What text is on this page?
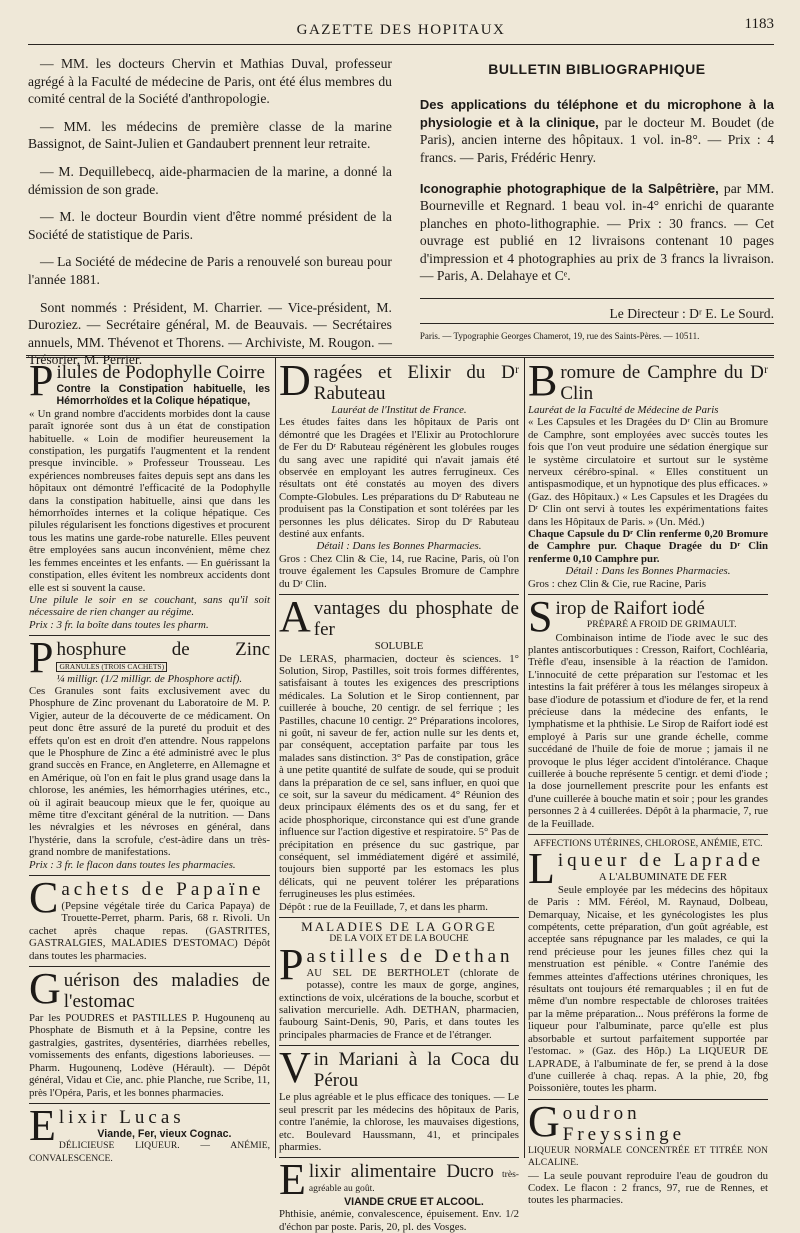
GAZETTE DES HOPITAUX	1183

— MM. les docteurs Chervin et Mathias Duval, professeur agrégé à la Faculté de médecine de Paris, ont été élus membres du comité central de la Société d'anthropologie.

— MM. les médecins de première classe de la marine Bassignot, de Saint-Julien et Gandaubert prennent leur retraite.

— M. Dequillebecq, aide-pharmacien de la marine, a donné la démission de son grade.

— M. le docteur Bourdin vient d'être nommé président de la Société de statistique de Paris.

— La Société de médecine de Paris a renouvelé son bureau pour l'année 1881.

Sont nommés : Président, M. Charrier. — Vice-président, M. Duroziez. — Secrétaire général, M. de Beauvais. — Secrétaires annuels, MM. Thévenot et Thorens. — Archiviste, M. Rougon. — Trésorier, M. Perrier.

BULLETIN BIBLIOGRAPHIQUE

Des applications du téléphone et du microphone à la physiologie et à la clinique, par le docteur M. Boudet (de Paris), ancien interne des hôpitaux. 1 vol. in-8°. — Prix : 4 francs. — Paris, Frédéric Henry.

Iconographie photographique de la Salpêtrière, par MM. Bourneville et Regnard. 1 beau vol. in-4° enrichi de quarante planches en photo-lithographie. — Prix : 30 francs. — Cet ouvrage est publié en 12 livraisons contenant 10 pages d'impression et 4 photographies au prix de 3 francs la livraison. — Paris, A. Delahaye et Cᵉ.

Le Directeur : Dʳ E. Le Sourd.
Paris. — Typographie Georges Chamerot, 19, rue des Saints-Pères. — 10511.
P ilules de Podophylle Coirre

Contre la Constipation habituelle, les Hémorrhoïdes et la Colique hépatique,

« Un grand nombre d'accidents morbides dont la cause paraît ignorée sont dus à un état de constipation habituelle. « Loin de modifier heureusement la constipation, les purgatifs l'augmentent et la rendent presque invincible. » Professeur Trousseau. Les expériences nombreuses faites depuis sept ans dans les hôpitaux ont démontré l'efficacité de la Podophylle dans la constipation habituelle, ainsi que dans les hémorrhoïdes internes et la colique hépatique. Ces pilules régularisent les fonctions digestives et procurent tous les matins une garde-robe naturelle. Elles peuvent être employées sans aucun inconvénient, même chez les femmes enceintes et les enfants. — En guérissant la constipation, elles évitent les nombreux accidents dont elle est si souvent la cause.

Une pilule le soir en se couchant, sans qu'il soit nécessaire de rien changer au régime.

Prix : 3 fr. la boîte dans toutes les pharm.

P hosphure de Zinc GRANULES (TROIS CACHETS)

¼ milligr. (1/2 milligr. de Phosphore actif).

Ces Granules sont faits exclusivement avec du Phosphure de Zinc provenant du Laboratoire de M. P. Vigier, auteur de la découverte de ce médicament. On peut donc être assuré de la pureté du produit et des effets qu'on est en droit d'en attendre. Nous rappelons que le Phosphure de Zinc a été administré avec le plus grand succès en France, en Angleterre, en Allemagne et en Amérique, où l'on en fait le plus grand usage dans la chlorose, les anémies, les hémorrhagies utérines, etc., où il agirait beaucoup mieux que le fer, quoique au même titre d'excitant général de la nutrition. — Dans les névralgies et les névroses en général, dans l'hystérie, dans la scrofule, c'est-àdire dans un très-grand nombre de manifestations.

Prix : 3 fr. le flacon dans toutes les pharmacies.

C achets de Papaïne

(Pepsine végétale tirée du Carica Papaya) de Trouette-Perret, pharm. Paris, 68 r. Rivoli. Un cachet après chaque repas. (GASTRITES, GASTRALGIES, MALADIES D'ESTOMAC) Dépôt dans toutes les pharmacies.

G uérison des maladies de l'estomac

Par les POUDRES et PASTILLES P. Hugounenq au Phosphate de Bismuth et à la Pepsine, contre les gastralgies, gastrites, dysentéries, diarrhées rebelles, vomissements des enfants, digestions laborieuses. — Pharm. Hugounenq, Lodève (Hérault). — Dépôt général, Vidau et Cie, anc. phie Planche, rue Scribe, 11, près l'Opéra, Paris, et les bonnes pharmacies.

E lixir Lucas

Viande, Fer, vieux Cognac.

DÉLICIEUSE LIQUEUR. — ANÉMIE, CONVALESCENCE.

D ragées et Elixir du Dʳ Rabuteau

Lauréat de l'Institut de France.

Les études faites dans les hôpitaux de Paris ont démontré que les Dragées et l'Elixir au Protochlorure de Fer du Dʳ Rabuteau régénèrent les globules rouges du sang avec une rapidité qui n'avait jamais été observée en employant les autres ferrugineux. Ces résultats ont été constatés au moyen des divers Compte-Globules. Les préparations du Dʳ Rabuteau ne produisent pas la Constipation et sont tolérées par les personnes les plus délicates. Sirop du Dʳ Rabuteau destiné aux enfants.

Détail : Dans les Bonnes Pharmacies.

Gros : Chez Clin & Cie, 14, rue Racine, Paris, où l'on trouve également les Capsules Bromure de Camphre du Dʳ Clin.

A vantages du phosphate de fer

SOLUBLE

De LERAS, pharmacien, docteur ès sciences. 1° Solution, Sirop, Pastilles, soit trois formes différentes, satisfaisant à toutes les exigences des prescriptions médicales. La Solution et le Sirop contiennent, par cuillerée à bouche, 20 centigr. de sel ferrique ; les Pastilles, chacune 10 centigr. 2° Préparations incolores, ni goût, ni saveur de fer, action nulle sur les dents et, par conséquent, acceptation parfaite par tous les malades sans distinction. 3° Pas de constipation, grâce à une petite quantité de sulfate de soude, qui se produit dans la préparation de ce sel, sans influer, en quoi que ce soit, sur la saveur du médicament. 4° Réunion des deux principaux éléments des os et du sang, fer et acide phosphorique, circonstance qui est d'une grande influence sur l'action digestive et respiratoire. 5° Pas de précipitation en présence du suc gastrique, par conséquent, sel immédiatement digéré et assimilé, toujours bien supporté par les estomacs les plus délicats, qui ne peuvent tolérer les préparations ferrugineuses les plus estimées.

Dépôt : rue de la Feuillade, 7, et dans les pharm.

MALADIES DE LA GORGE

DE LA VOIX ET DE LA BOUCHE

P astilles de Dethan

AU SEL DE BERTHOLET (chlorate de potasse), contre les maux de gorge, angines, extinctions de voix, ulcérations de la bouche, scorbut et salivation mercurielle. Adh. DETHAN, pharmacien, faubourg Saint-Denis, 90, Paris, et dans toutes les principales pharmacies de France et de l'étranger.

V in Mariani à la Coca du Pérou

Le plus agréable et le plus efficace des toniques. — Le seul prescrit par les médecins des hôpitaux de Paris, contre l'anémie, la chlorose, les mauvaises digestions, etc. Boulevard Haussmann, 41, et principales pharmies.

E lixir alimentaire Ducro très-agréable au goût.

VIANDE CRUE ET ALCOOL.

Phthisie, anémie, convalescence, épuisement. Env. 1/2 d'échon par poste. Paris, 20, pl. des Vosges.

B romure de Camphre du Dʳ Clin

Lauréat de la Faculté de Médecine de Paris

« Les Capsules et les Dragées du Dʳ Clin au Bromure de Camphre, sont employées avec succès toutes les fois que l'on veut produire une sédation énergique sur le système circulatoire et surtout sur le système nerveux cérébro-spinal. « Elles constituent un antispasmodique, et un hypnotique des plus efficaces. » (Gaz. des Hôpitaux.) « Les Capsules et les Dragées du Dʳ Clin ont servi à toutes les expérimentations faites dans les Hôpitaux de Paris. » (Un. Méd.)

Chaque Capsule du Dʳ Clin renferme 0,20 Bromure de Camphre pur. Chaque Dragée du Dʳ Clin renferme 0,10 Camphre pur.

Détail : Dans les Bonnes Pharmacies.

Gros : chez Clin & Cie, rue Racine, Paris

S irop de Raifort iodé

PRÉPARÉ A FROID DE GRIMAULT.

Combinaison intime de l'iode avec le suc des plantes antiscorbutiques : Cresson, Raifort, Cochléaria, Trèfle d'eau, insensible à la réaction de l'amidon. L'innocuité de cette préparation sur l'estomac et les intestins la fait préférer à tous les mélanges siropeux à base d'iodure de potassium et d'iodure de fer, et la rend précieuse dans la médecine des enfants, le lymphatisme et la phthisie. Le Sirop de Raifort iodé est employé à Paris sur une grande échelle, comme succédané de l'huile de foie de morue ; jamais il ne provoque le plus léger accident d'intolérance. Chaque cuillerée à bouche représente 5 centigr. et demi d'iode ; la dose journellement prescrite pour les enfants est d'une cuillerée à bouche matin et soir ; pour les grandes personnes 2 à 4 cuillerées. Dépôt à la pharmacie, 7, rue de la Feuillade.

AFFECTIONS UTÉRINES, CHLOROSE, ANÉMIE, ETC.

L iqueur de Laprade

A L'ALBUMINATE DE FER

Seule employée par les médecins des hôpitaux de Paris : MM. Féréol, M. Raynaud, Dolbeau, Demarquay, Nicaise, et les gynécologistes les plus compétents, cette préparation, d'un goût agréable, est acceptée sans répugnance par les malades, ce qui la rend précieuse pour les jeunes filles chez qui la menstruation est pénible. « Contre l'anémie des femmes atteintes d'affections utérines chroniques, les résultats ont toujours été remarquables ; il en fut de même d'un nombre respectable de chloroses traitées par la même préparation... Nous préférons la forme de liqueur pour l'albuminate, parce qu'elle est plus absorbable et surtout parfaitement supportée par l'estomac. » (Gaz. des Hôp.) La LIQUEUR DE LAPRADE, à l'albuminate de fer, se prend à la dose d'une cuillerée à chaq. repas. A la phie, 20, fbg Poissonière, toutes les pharm.

G oudron Freyssinge

LIQUEUR NORMALE CONCENTRÉE ET TITRÉE NON ALCALINE.

— La seule pouvant reproduire l'eau de goudron du Codex. Le flacon : 2 francs, 97, rue de Rennes, et toutes les pharmacies.
